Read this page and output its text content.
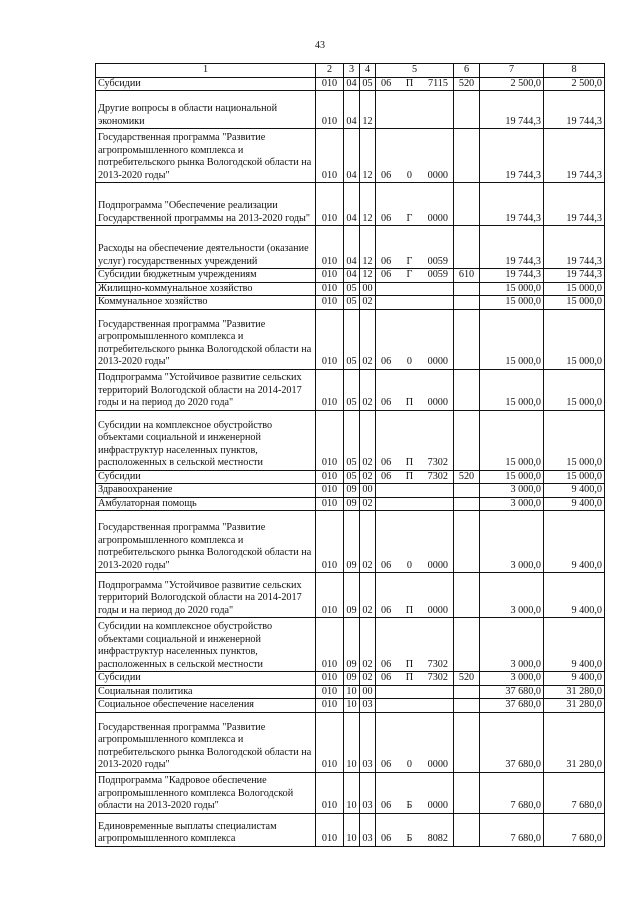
43
1	2	3	4	5	6	7	8
Субсидии	010	04	05	06 П 7115	520	2 500,0	2 500,0
Другие вопросы в области национальной экономики	010	04	12			19 744,3	19 744,3
Государственная программа "Развитие агропромышленного комплекса и потребительского рынка Вологодской области на 2013-2020 годы"	010	04	12	06 0 0000		19 744,3	19 744,3
Подпрограмма "Обеспечение реализации Государственной программы на 2013-2020 годы"	010	04	12	06 Г 0000		19 744,3	19 744,3
Расходы на обеспечение деятельности (оказание услуг) государственных учреждений	010	04	12	06 Г 0059		19 744,3	19 744,3
Субсидии бюджетным учреждениям	010	04	12	06 Г 0059	610	19 744,3	19 744,3
Жилищно-коммунальное хозяйство	010	05	00			15 000,0	15 000,0
Коммунальное хозяйство	010	05	02			15 000,0	15 000,0
Государственная программа "Развитие агропромышленного комплекса и потребительского рынка Вологодской области на 2013-2020 годы"	010	05	02	06 0 0000		15 000,0	15 000,0
Подпрограмма "Устойчивое развитие сельских территорий Вологодской области на 2014-2017 годы и на период до 2020 года"	010	05	02	06 П 0000		15 000,0	15 000,0
Субсидии на комплексное обустройство объектами социальной и инженерной инфраструктур населенных пунктов, расположенных в сельской местности	010	05	02	06 П 7302		15 000,0	15 000,0
Субсидии	010	05	02	06 П 7302	520	15 000,0	15 000,0
Здравоохранение	010	09	00			3 000,0	9 400,0
Амбулаторная помощь	010	09	02			3 000,0	9 400,0
Государственная программа "Развитие агропромышленного комплекса и потребительского рынка Вологодской области на 2013-2020 годы"	010	09	02	06 0 0000		3 000,0	9 400,0
Подпрограмма "Устойчивое развитие сельских территорий Вологодской области на 2014-2017 годы и на период до 2020 года"	010	09	02	06 П 0000		3 000,0	9 400,0
Субсидии на комплексное обустройство объектами социальной и инженерной инфраструктур населенных пунктов, расположенных в сельской местности	010	09	02	06 П 7302		3 000,0	9 400,0
Субсидии	010	09	02	06 П 7302	520	3 000,0	9 400,0
Социальная политика	010	10	00			37 680,0	31 280,0
Социальное обеспечение населения	010	10	03			37 680,0	31 280,0
Государственная программа "Развитие агропромышленного комплекса и потребительского рынка Вологодской области на 2013-2020 годы"	010	10	03	06 0 0000		37 680,0	31 280,0
Подпрограмма "Кадровое обеспечение агропромышленного комплекса Вологодской области на 2013-2020 годы"	010	10	03	06 Б 0000		7 680,0	7 680,0
Единовременные выплаты специалистам агропромышленного комплекса	010	10	03	06 Б 8082		7 680,0	7 680,0
